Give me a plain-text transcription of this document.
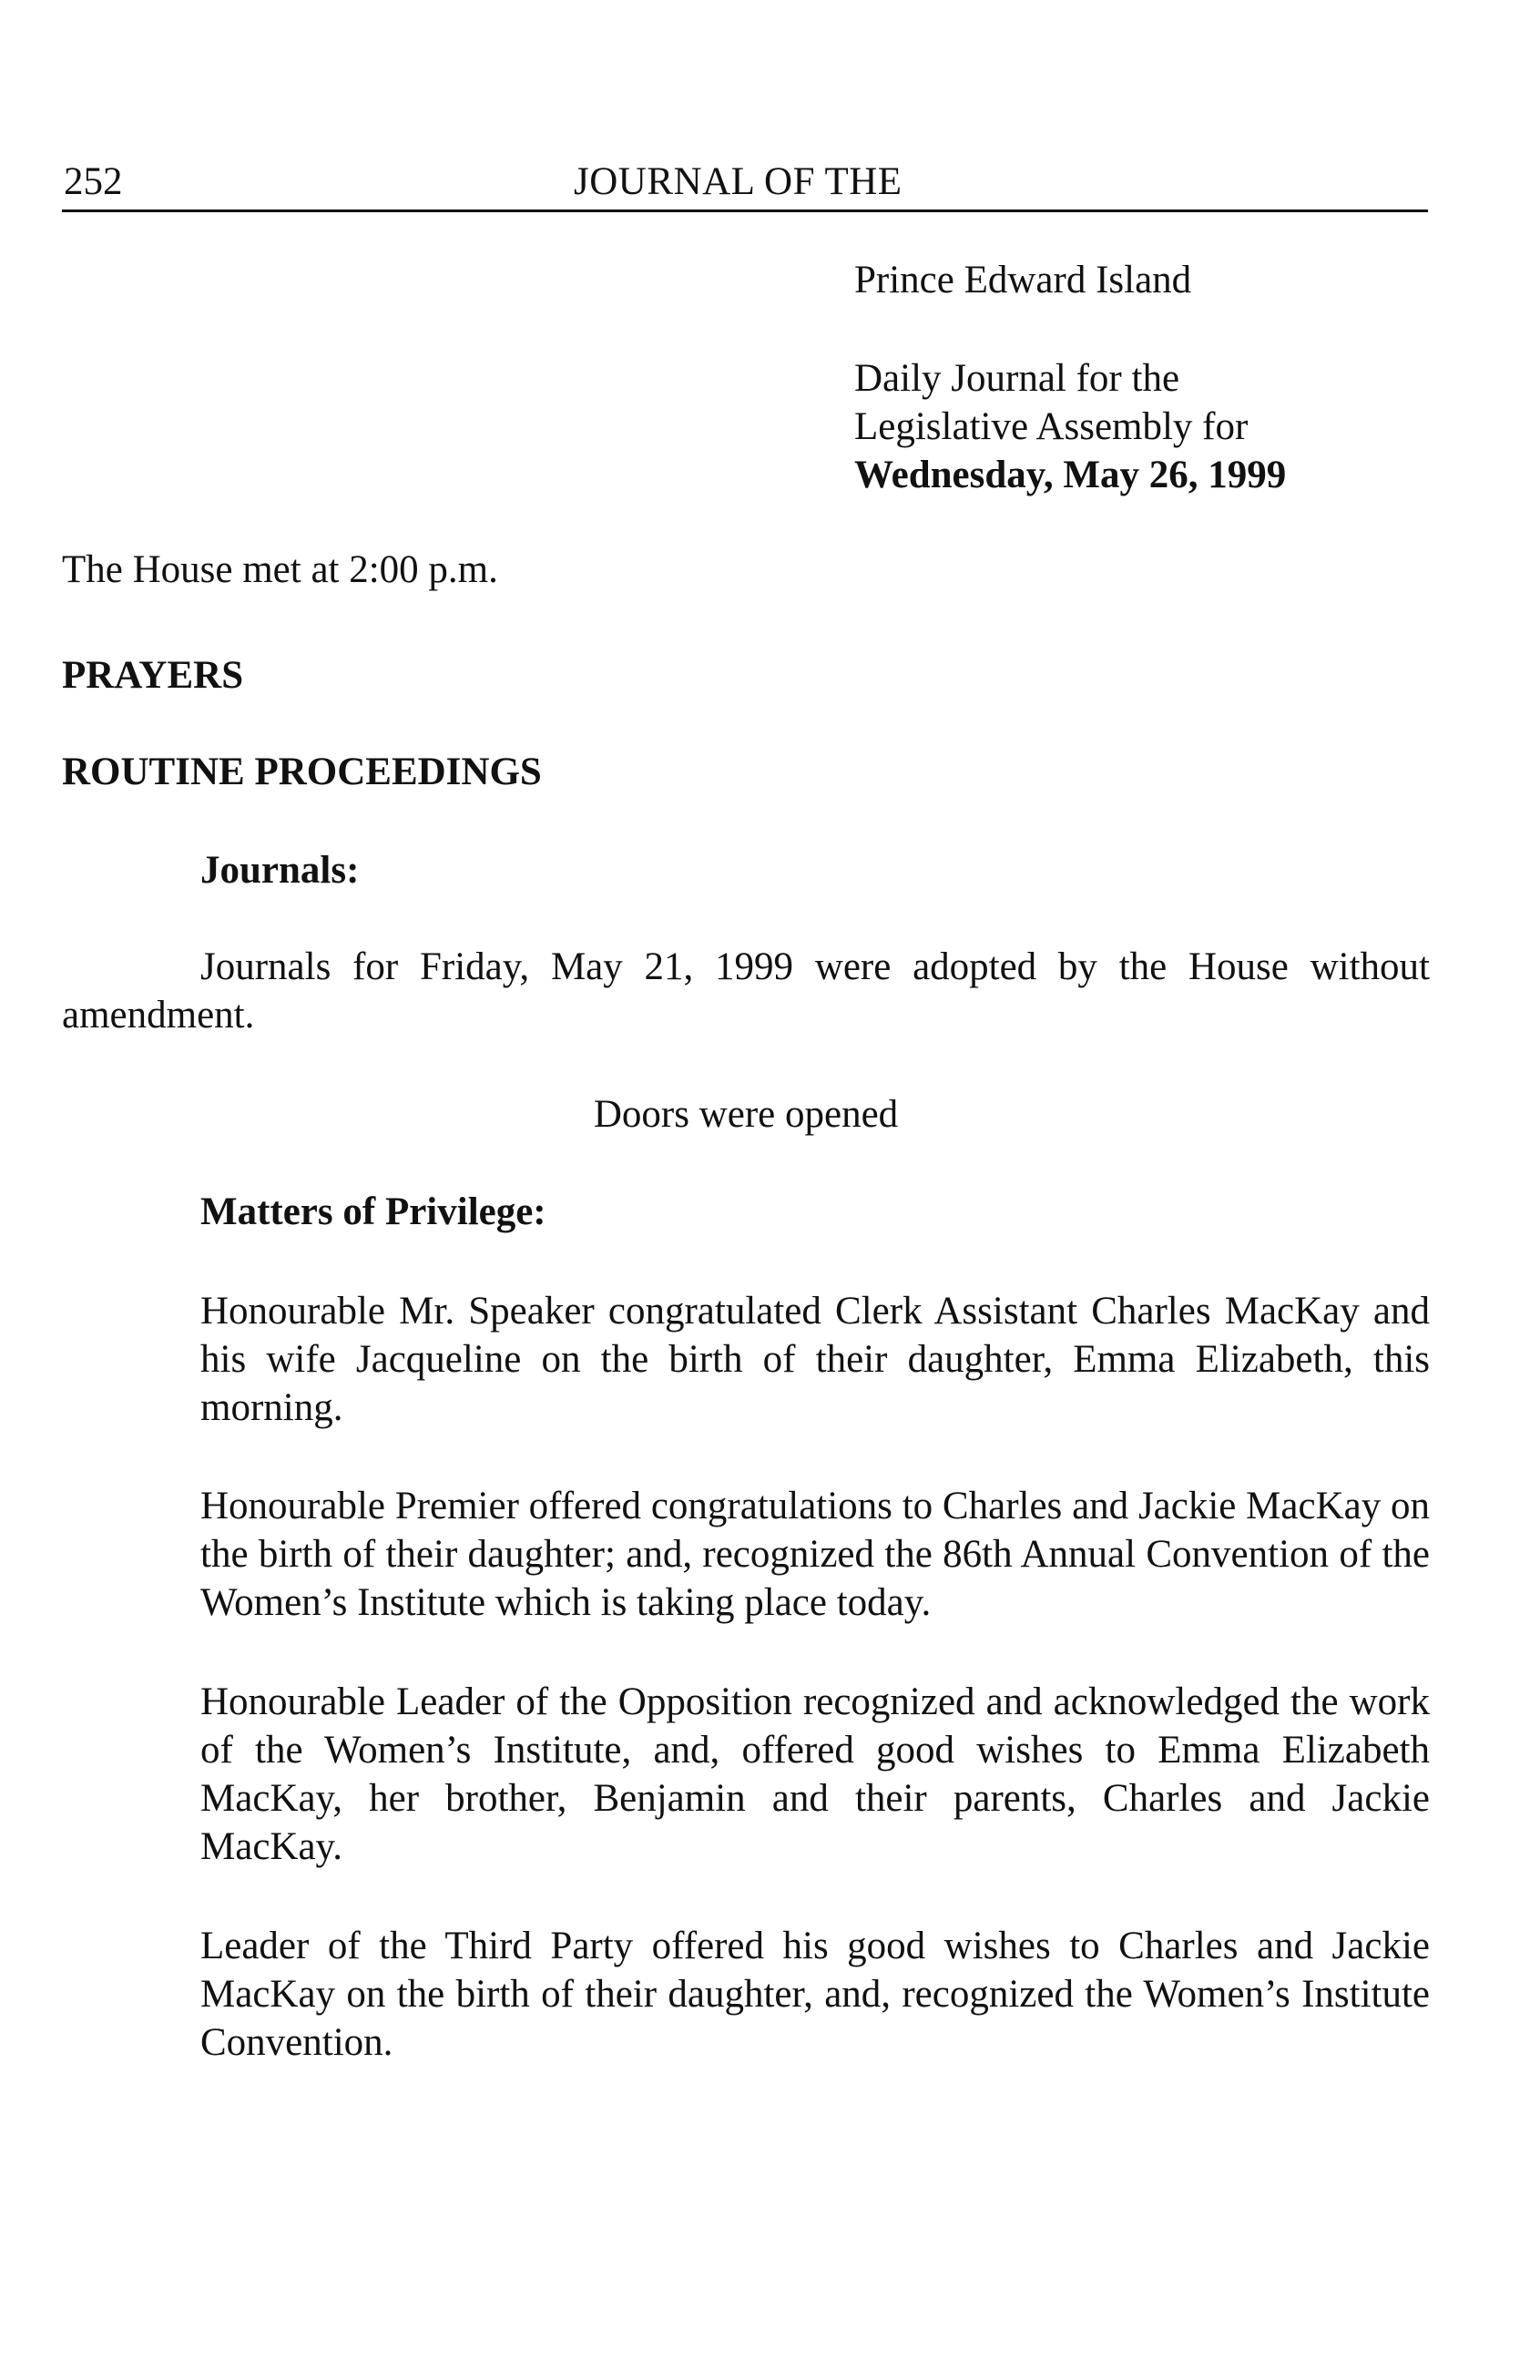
252	JOURNAL OF THE
Prince Edward Island
Daily Journal for the
Legislative Assembly for
Wednesday, May 26, 1999
The House met at 2:00 p.m.
PRAYERS
ROUTINE PROCEEDINGS
Journals:

Journals for Friday, May 21, 1999 were adopted by the House without amendment.

Doors were opened
Matters of Privilege:

Honourable Mr. Speaker congratulated Clerk Assistant Charles MacKay and his wife Jacqueline on the birth of their daughter, Emma Elizabeth, this morning.

Honourable Premier offered congratulations to Charles and Jackie MacKay on the birth of their daughter; and, recognized the 86th Annual Convention of the Women’s Institute which is taking place today.

Honourable Leader of the Opposition recognized and acknowledged the work of the Women’s Institute, and, offered good wishes to Emma Elizabeth MacKay, her brother, Benjamin and their parents, Charles and Jackie MacKay.

Leader of the Third Party offered his good wishes to Charles and Jackie MacKay on the birth of their daughter, and, recognized the Women’s Institute Convention.
